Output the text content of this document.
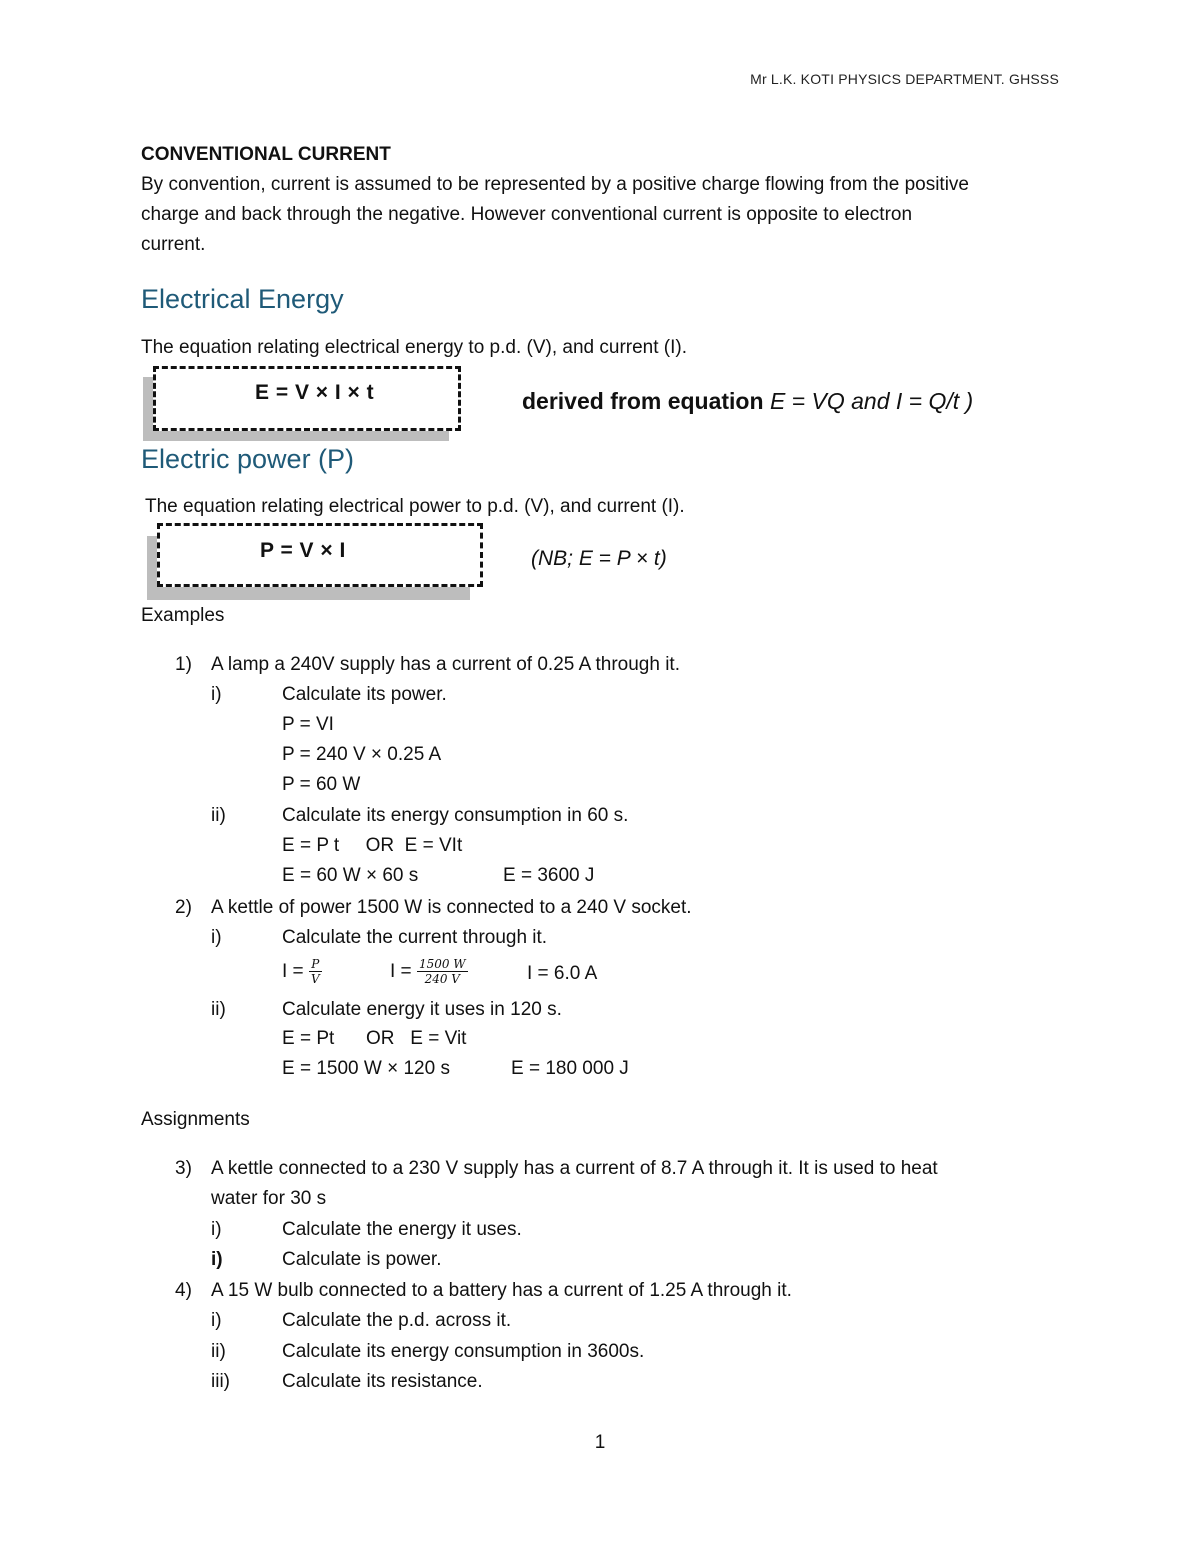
Mr L.K. KOTI PHYSICS DEPARTMENT. GHSSS
CONVENTIONAL CURRENT
By convention, current is assumed to be represented by a positive charge flowing from the positive
charge and back through the negative. However conventional current is opposite to electron
current.
Electrical Energy
The equation relating electrical energy to p.d. (V), and current (I).
E = V × I × t	derived from equation E = VQ and I = Q/t )
Electric power (P)
The equation relating electrical power to p.d. (V), and current (I).
P = V × I	(NB; E = P × t)
Examples
1) A lamp a 240V supply has a current of 0.25 A through it.
i)	Calculate its power.
P = VI
P = 240 V × 0.25 A
P = 60 W
ii)	Calculate its energy consumption in 60 s.
E = P t     OR  E = VIt
E = 60 W × 60 s	E = 3600 J
2) A kettle of power 1500 W is connected to a 240 V socket.
i)	Calculate the current through it.
$I = \frac{P}{V}$	$I = \frac{1500 W}{240 V}$	I = 6.0 A
ii)	Calculate energy it uses in 120 s.
E = Pt      OR   E = Vit
E = 1500 W × 120 s	E = 180 000 J
Assignments
3) A kettle connected to a 230 V supply has a current of 8.7 A through it. It is used to heat
water for 30 s
i)	Calculate the energy it uses.
i)	Calculate is power.
4) A 15 W bulb connected to a battery has a current of 1.25 A through it.
i)	Calculate the p.d. across it.
ii)	Calculate its energy consumption in 3600s.
iii)	Calculate its resistance.
1
